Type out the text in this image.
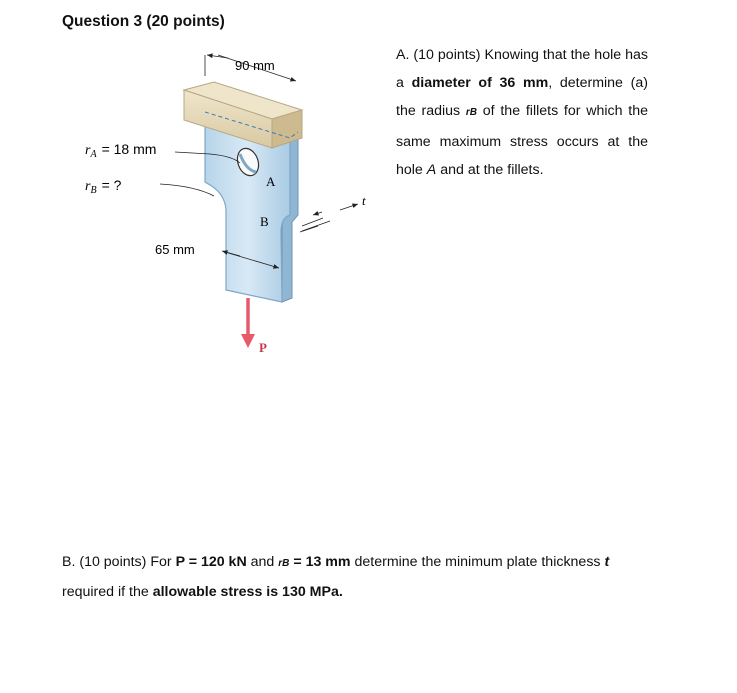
Question 3 (20 points)
A. (10 points) Knowing that the hole has a diameter of 36 mm, determine (a) the radius rB of the fillets for which the same maximum stress occurs at the hole A and at the fillets.
B. (10 points) For P = 120 kN and rB = 13 mm determine the minimum plate thickness t required if the allowable stress is 130 MPa.
90 mm
$r_A = 18$ mm
$r_B$ = ?	A
B
65 mm
t
P
